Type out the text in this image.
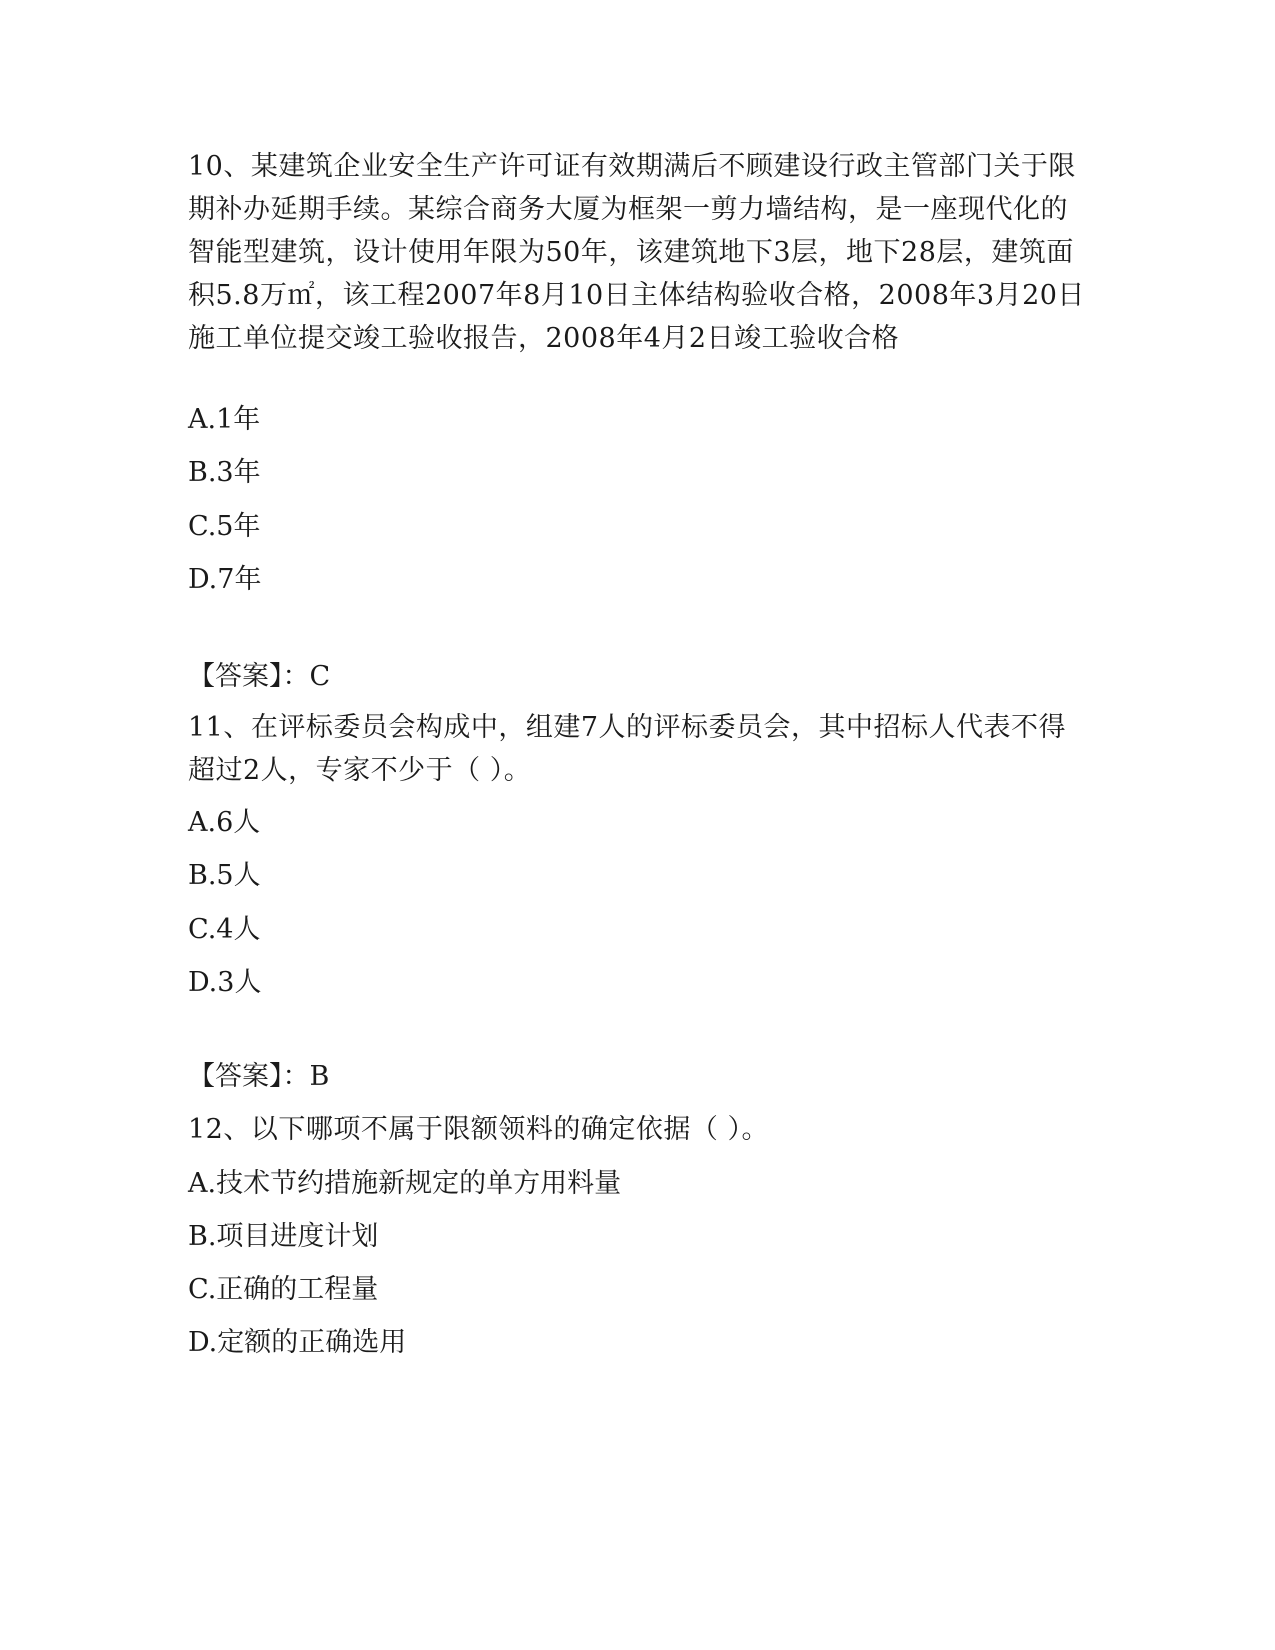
10、某建筑企业安全生产许可证有效期满后不顾建设行政主管部门关于限期补办延期手续。某综合商务大厦为框架一剪力墙结构，是一座现代化的智能型建筑，设计使用年限为50年，该建筑地下3层，地下28层，建筑面积5.8万㎡，该工程2007年8月10日主体结构验收合格，2008年3月20日施工单位提交竣工验收报告，2008年4月2日竣工验收合格

A.1年

B.3年

C.5年

D.7年

【答案】：C

11、在评标委员会构成中，组建7人的评标委员会，其中招标人代表不得超过2人，专家不少于（ ）。

A.6人

B.5人

C.4人

D.3人

【答案】：B

12、以下哪项不属于限额领料的确定依据（ ）。

A.技术节约措施新规定的单方用料量

B.项目进度计划

C.正确的工程量

D.定额的正确选用
